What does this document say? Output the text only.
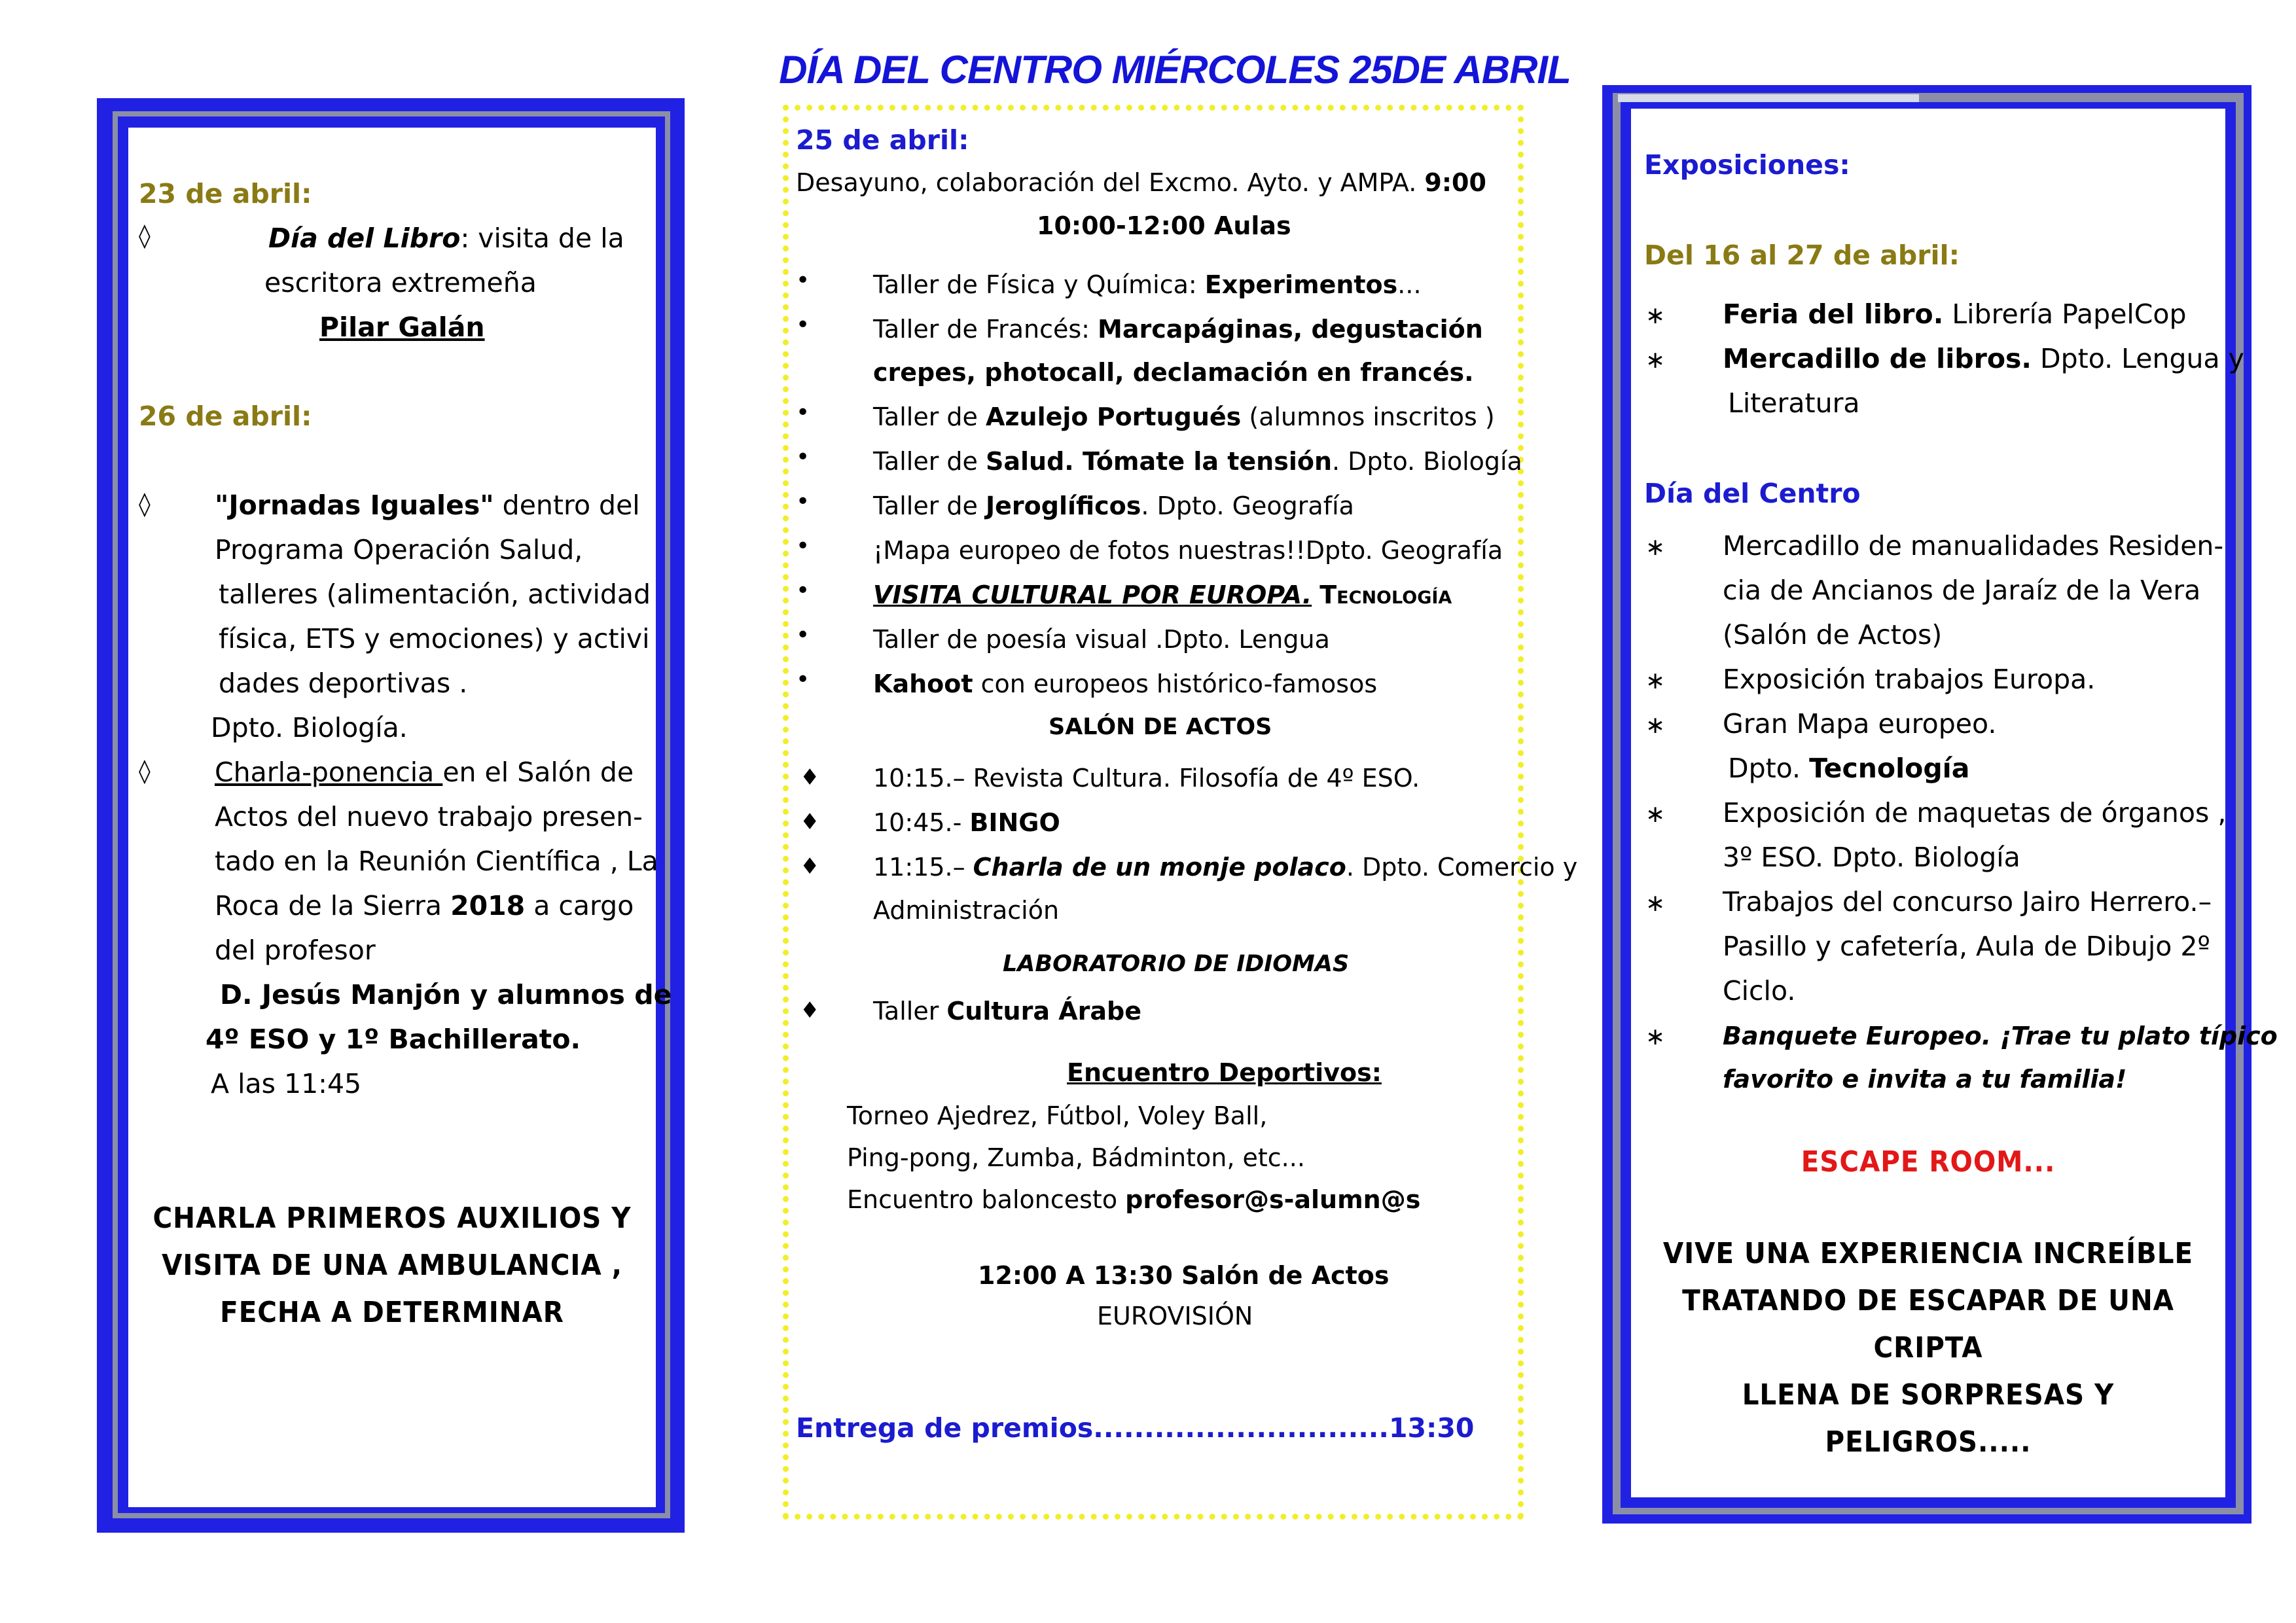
DÍA DEL CENTRO MIÉRCOLES 25DE ABRIL
23 de abril:
◊	Día del Libro: visita de la
escritora extremeña
Pilar Galán
26 de abril:
◊ "Jornadas Iguales" dentro del
Programa Operación Salud,
talleres (alimentación, actividad
física, ETS y emociones) y activi
dades deportivas .
Dpto. Biología.
◊ Charla-ponencia en el Salón de
Actos del nuevo trabajo presen-
tado en la Reunión Científica , La
Roca de la Sierra 2018 a cargo
del profesor
D. Jesús Manjón y alumnos de
4º ESO y 1º Bachillerato.
A las 11:45
CHARLA PRIMEROS AUXILIOS Y
VISITA DE UNA AMBULANCIA ,
FECHA A DETERMINAR
25 de abril:
Desayuno, colaboración del Excmo. Ayto. y AMPA. 9:00
10:00-12:00 Aulas
•	Taller de Física y Química: Experimentos...
•	Taller de Francés: Marcapáginas, degustación
crepes, photocall, declamación en francés.
•	Taller de Azulejo Portugués (alumnos inscritos )
•	Taller de Salud. Tómate la tensión. Dpto. Biología
•	Taller de Jeroglíficos. Dpto. Geografía
•	¡Mapa europeo de fotos nuestras!!Dpto. Geografía
•	VISITA CULTURAL POR EUROPA. Tecnología
•	Taller de poesía visual .Dpto. Lengua
•	Kahoot con europeos histórico-famosos
SALÓN DE ACTOS
♦ 10:15.– Revista Cultura. Filosofía de 4º ESO.
♦ 10:45.- BINGO
♦ 11:15.– Charla de un monje polaco. Dpto. Comercio y
Administración
LABORATORIO DE IDIOMAS
♦ Taller Cultura Árabe
Encuentro Deportivos:
Torneo Ajedrez, Fútbol, Voley Ball,
Ping-pong, Zumba, Bádminton, etc...
Encuentro baloncesto profesor@s-alumn@s
12:00 A 13:30 Salón de Actos
EUROVISIÓN
Entrega de premios.............................13:30
Exposiciones:
Del 16 al 27 de abril:
∗ Feria del libro. Librería PapelCop
∗ Mercadillo de libros. Dpto. Lengua y
Literatura
Día del Centro
∗ Mercadillo de manualidades Residen-
cia de Ancianos de Jaraíz de la Vera
(Salón de Actos)
∗ Exposición trabajos Europa.
∗ Gran Mapa europeo.
Dpto. Tecnología
∗ Exposición de maquetas de órganos ,
3º ESO. Dpto. Biología
∗ Trabajos del concurso Jairo Herrero.–
Pasillo y cafetería, Aula de Dibujo 2º
Ciclo.
∗ Banquete Europeo. ¡Trae tu plato típico
favorito e invita a tu familia!
ESCAPE ROOM...
VIVE UNA EXPERIENCIA INCREÍBLE
TRATANDO DE ESCAPAR DE UNA CRIPTA
LLENA DE SORPRESAS Y PELIGROS.....
